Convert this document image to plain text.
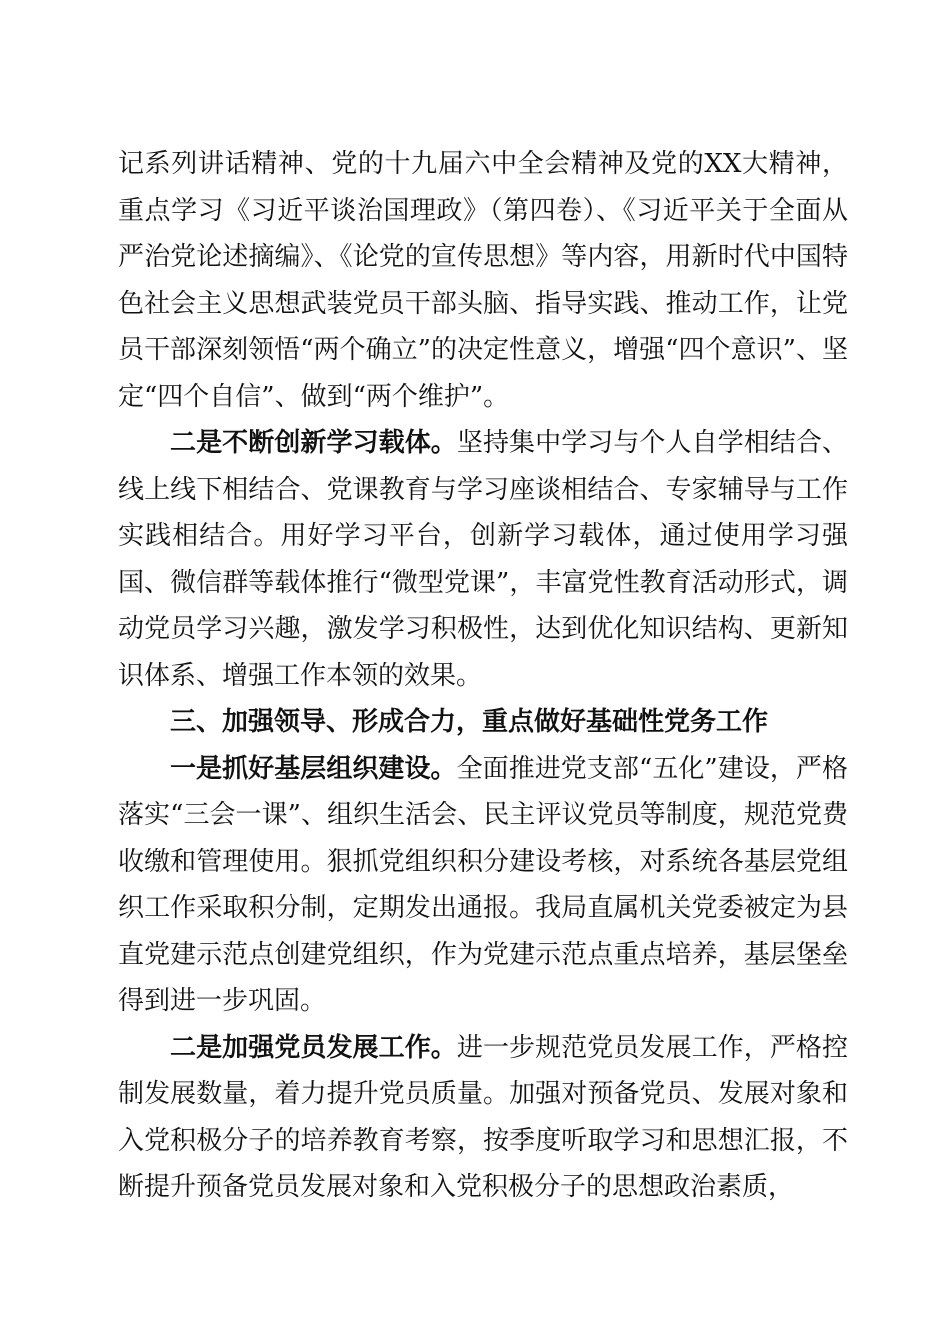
记系列讲话精神、党的十九届六中全会精神及党的XX大精神，重点学习《习近平谈治国理政》（第四卷）、《习近平关于全面从严治党论述摘编》、《论党的宣传思想》等内容，用新时代中国特色社会主义思想武装党员干部头脑、指导实践、推动工作，让党员干部深刻领悟“两个确立”的决定性意义，增强“四个意识”、坚定“四个自信”、做到“两个维护”。

二是不断创新学习载体。坚持集中学习与个人自学相结合、线上线下相结合、党课教育与学习座谈相结合、专家辅导与工作实践相结合。用好学习平台，创新学习载体，通过使用学习强国、微信群等载体推行“微型党课”，丰富党性教育活动形式，调动党员学习兴趣，激发学习积极性，达到优化知识结构、更新知识体系、增强工作本领的效果。

三、加强领导、形成合力，重点做好基础性党务工作

一是抓好基层组织建设。全面推进党支部“五化”建设，严格落实“三会一课”、组织生活会、民主评议党员等制度，规范党费收缴和管理使用。狠抓党组织积分建设考核，对系统各基层党组织工作采取积分制，定期发出通报。我局直属机关党委被定为县直党建示范点创建党组织，作为党建示范点重点培养，基层堡垒得到进一步巩固。

二是加强党员发展工作。进一步规范党员发展工作，严格控制发展数量，着力提升党员质量。加强对预备党员、发展对象和入党积极分子的培养教育考察，按季度听取学习和思想汇报，不断提升预备党员发展对象和入党积极分子的思想政治素质，
